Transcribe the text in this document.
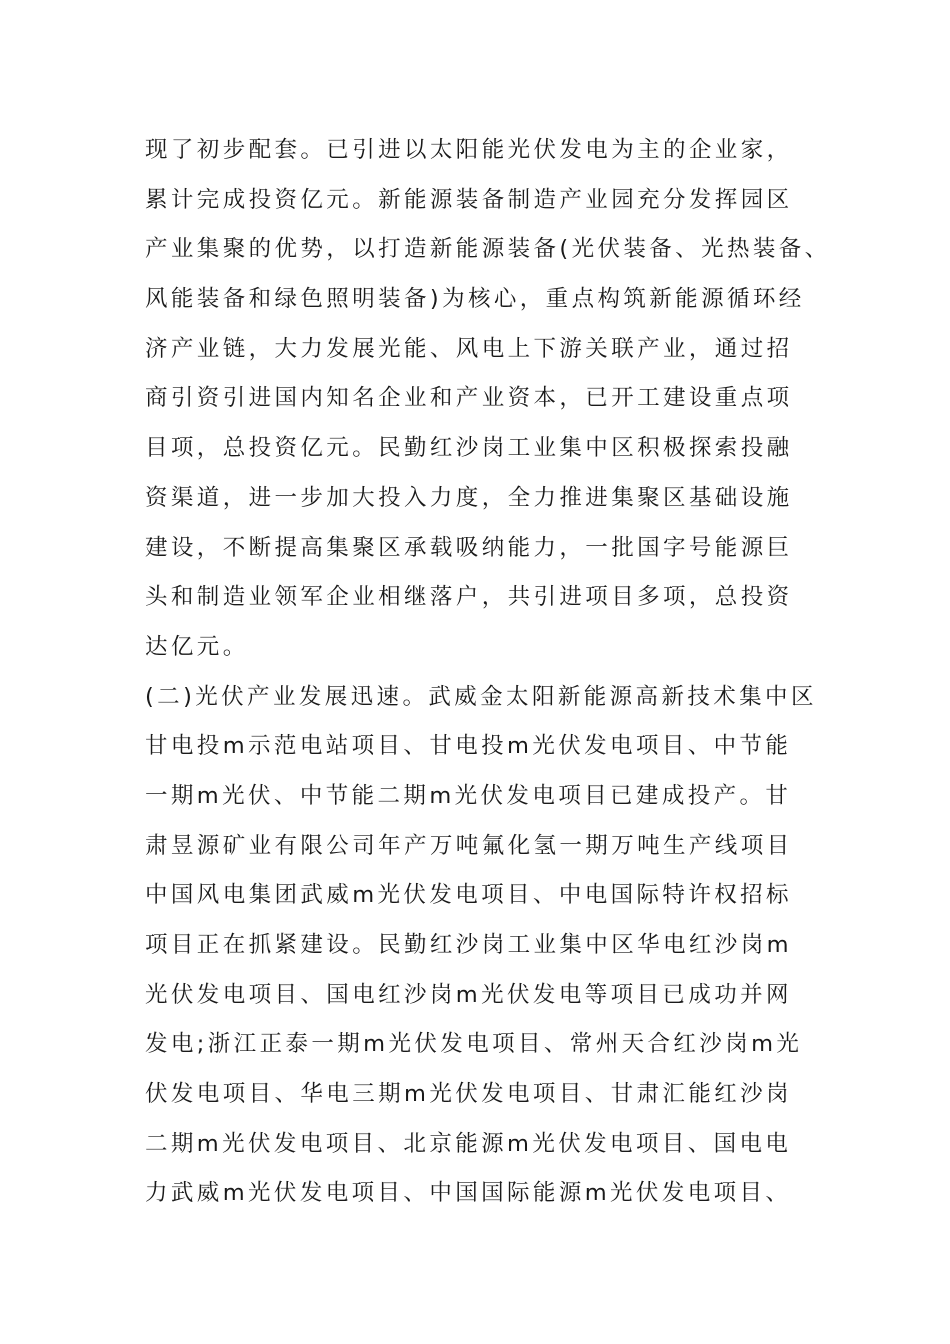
现了初步配套。已引进以太阳能光伏发电为主的企业家，
累计完成投资亿元。新能源装备制造产业园充分发挥园区
产业集聚的优势，以打造新能源装备(光伏装备、光热装备、
风能装备和绿色照明装备)为核心，重点构筑新能源循环经
济产业链，大力发展光能、风电上下游关联产业，通过招
商引资引进国内知名企业和产业资本，已开工建设重点项
目项，总投资亿元。民勤红沙岗工业集中区积极探索投融
资渠道，进一步加大投入力度，全力推进集聚区基础设施
建设，不断提高集聚区承载吸纳能力，一批国字号能源巨
头和制造业领军企业相继落户，共引进项目多项，总投资
达亿元。
(二)光伏产业发展迅速。武威金太阳新能源高新技术集中区
甘电投m示范电站项目、甘电投m光伏发电项目、中节能
一期m光伏、中节能二期m光伏发电项目已建成投产。甘
肃昱源矿业有限公司年产万吨氟化氢一期万吨生产线项目
中国风电集团武威m光伏发电项目、中电国际特许权招标
项目正在抓紧建设。民勤红沙岗工业集中区华电红沙岗m
光伏发电项目、国电红沙岗m光伏发电等项目已成功并网
发电;浙江正泰一期m光伏发电项目、常州天合红沙岗m光
伏发电项目、华电三期m光伏发电项目、甘肃汇能红沙岗
二期m光伏发电项目、北京能源m光伏发电项目、国电电
力武威m光伏发电项目、中国国际能源m光伏发电项目、
